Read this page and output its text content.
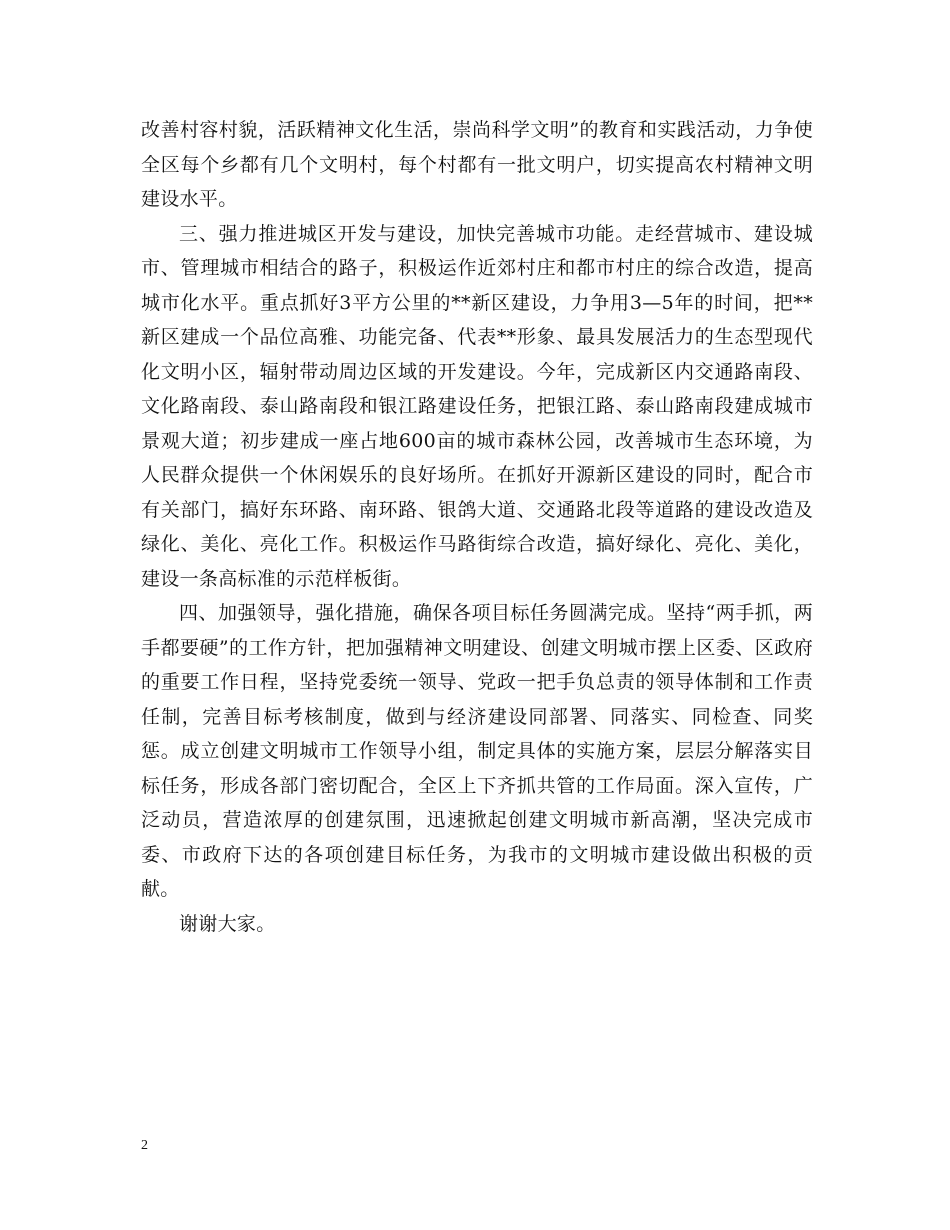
改善村容村貌，活跃精神文化生活，崇尚科学文明”的教育和实践活动，力争使全区每个乡都有几个文明村，每个村都有一批文明户，切实提高农村精神文明建设水平。

三、强力推进城区开发与建设，加快完善城市功能。走经营城市、建设城市、管理城市相结合的路子，积极运作近郊村庄和都市村庄的综合改造，提高城市化水平。重点抓好3平方公里的**新区建设，力争用3—5年的时间，把**新区建成一个品位高雅、功能完备、代表**形象、最具发展活力的生态型现代化文明小区，辐射带动周边区域的开发建设。今年，完成新区内交通路南段、文化路南段、泰山路南段和银江路建设任务，把银江路、泰山路南段建成城市景观大道；初步建成一座占地600亩的城市森林公园，改善城市生态环境，为人民群众提供一个休闲娱乐的良好场所。在抓好开源新区建设的同时，配合市有关部门，搞好东环路、南环路、银鸽大道、交通路北段等道路的建设改造及绿化、美化、亮化工作。积极运作马路街综合改造，搞好绿化、亮化、美化，建设一条高标准的示范样板街。

四、加强领导，强化措施，确保各项目标任务圆满完成。坚持“两手抓，两手都要硬”的工作方针，把加强精神文明建设、创建文明城市摆上区委、区政府的重要工作日程，坚持党委统一领导、党政一把手负总责的领导体制和工作责任制，完善目标考核制度，做到与经济建设同部署、同落实、同检查、同奖惩。成立创建文明城市工作领导小组，制定具体的实施方案，层层分解落实目标任务，形成各部门密切配合，全区上下齐抓共管的工作局面。深入宣传，广泛动员，营造浓厚的创建氛围，迅速掀起创建文明城市新高潮，坚决完成市委、市政府下达的各项创建目标任务，为我市的文明城市建设做出积极的贡献。

谢谢大家。

2
